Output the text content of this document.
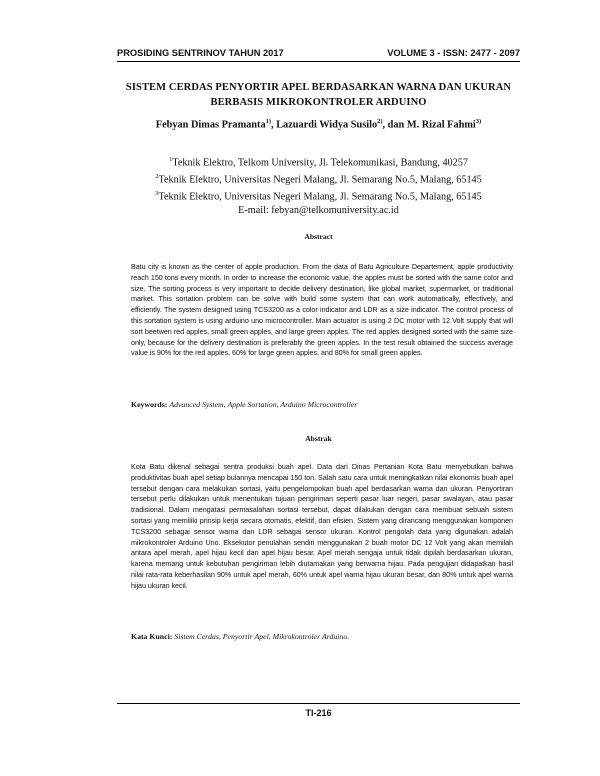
PROSIDING SENTRINOV TAHUN 2017	VOLUME 3 - ISSN: 2477 - 2097
SISTEM CERDAS PENYORTIR APEL BERDASARKAN WARNA DAN UKURAN BERBASIS MIKROKONTROLER ARDUINO
Febyan Dimas Pramanta$^{1)}$, Lazuardi Widya Susilo$^{2)}$, dan M. Rizal Fahmi$^{3)}$
$^1$Teknik Elektro, Telkom University, Jl. Telekomunikasi, Bandung, 40257
$^2$Teknik Elektro, Universitas Negeri Malang, Jl. Semarang No.5, Malang, 65145
$^3$Teknik Elektro, Universitas Negeri Malang, Jl. Semarang No.5, Malang, 65145
E-mail: febyan@telkomuniversity.ac.id
Abstract
Batu city is known as the center of apple production. From the data of Batu Agriculture Departement, apple productivity reach 150 tons every month. In order to increase the economic value, the apples must be sorted with the same color and size. The sorting process is very important to decide delivery destination, like global market, supermarket, or traditional market. This sortation problem can be solve with build some system that can work automatically, effectively, and efficiently. The system designed using TCS3200 as a color indicator and LDR as a size indicator. The control process of this sortation system is using arduino uno microcontroller. Main actuator is using 2 DC motor with 12 Volt supply that will sort beetwen red apples, small green apples, and large green apples. The red apples designed sorted with the same size only, because for the delivery destination is preferably the green apples. In the test result obtained the success average value is 90% for the red apples, 60% for large green apples, and 80% for small green apples.
Keywords: Advanced System, Apple Sortation, Arduino Microcontroller
Abstrak
Kota Batu dikenal sebagai sentra produksi buah apel. Data dari Dinas Pertanian Kota Batu menyebutkan bahwa produktivitas buah apel setiap bulannya mencapai 150 ton. Salah satu cara untuk meningkatkan nilai ekonomis buah apel tersebut dengan cara melakukan sortasi, yaitu pengelompokan buah apel berdasarkan warna dan ukuran. Penyortiran tersebut perlu dilakukan untuk menentukan tujuan pengiriman seperti pasar luar negeri, pasar swalayan, atau pasar tradisional. Dalam mengatasi permasalahan sortasi tersebut, dapat dilakukan dengan cara membuat sebuah sistem sortasi yang memiliki prinsip kerja secara otomatis, efektif, dan efisien. Sistem yang dirancang menggunakan komponen TCS3200 sebagai sensor warna dan LDR sebagai sensor ukuran. Kontrol pengolah data yang digunakan adalah mikrokontroler Arduino Uno. Eksekutor penulahan sendiri menggunakan 2 buah motor DC 12 Volt yang akan memilah antara apel merah, apel hijau kecil dan apel hijau besar. Apel merah sengaja untuk tidak dipilah berdasarkan ukuran, karena memang untuk kebutuhan pengiriman lebih diutamakan yang berwarna hijau. Pada pengujian didapatkan hasil nilai rata-rata keberhasilan 90% untuk apel merah, 60% untuk apel warna hijau ukuran besar, dan 80% untuk apel warna hijau ukuran kecil.
Kata Kunci: Sistem Cerdas, Penyortir Apel, Mikrokontroler Arduino.
TI-216
